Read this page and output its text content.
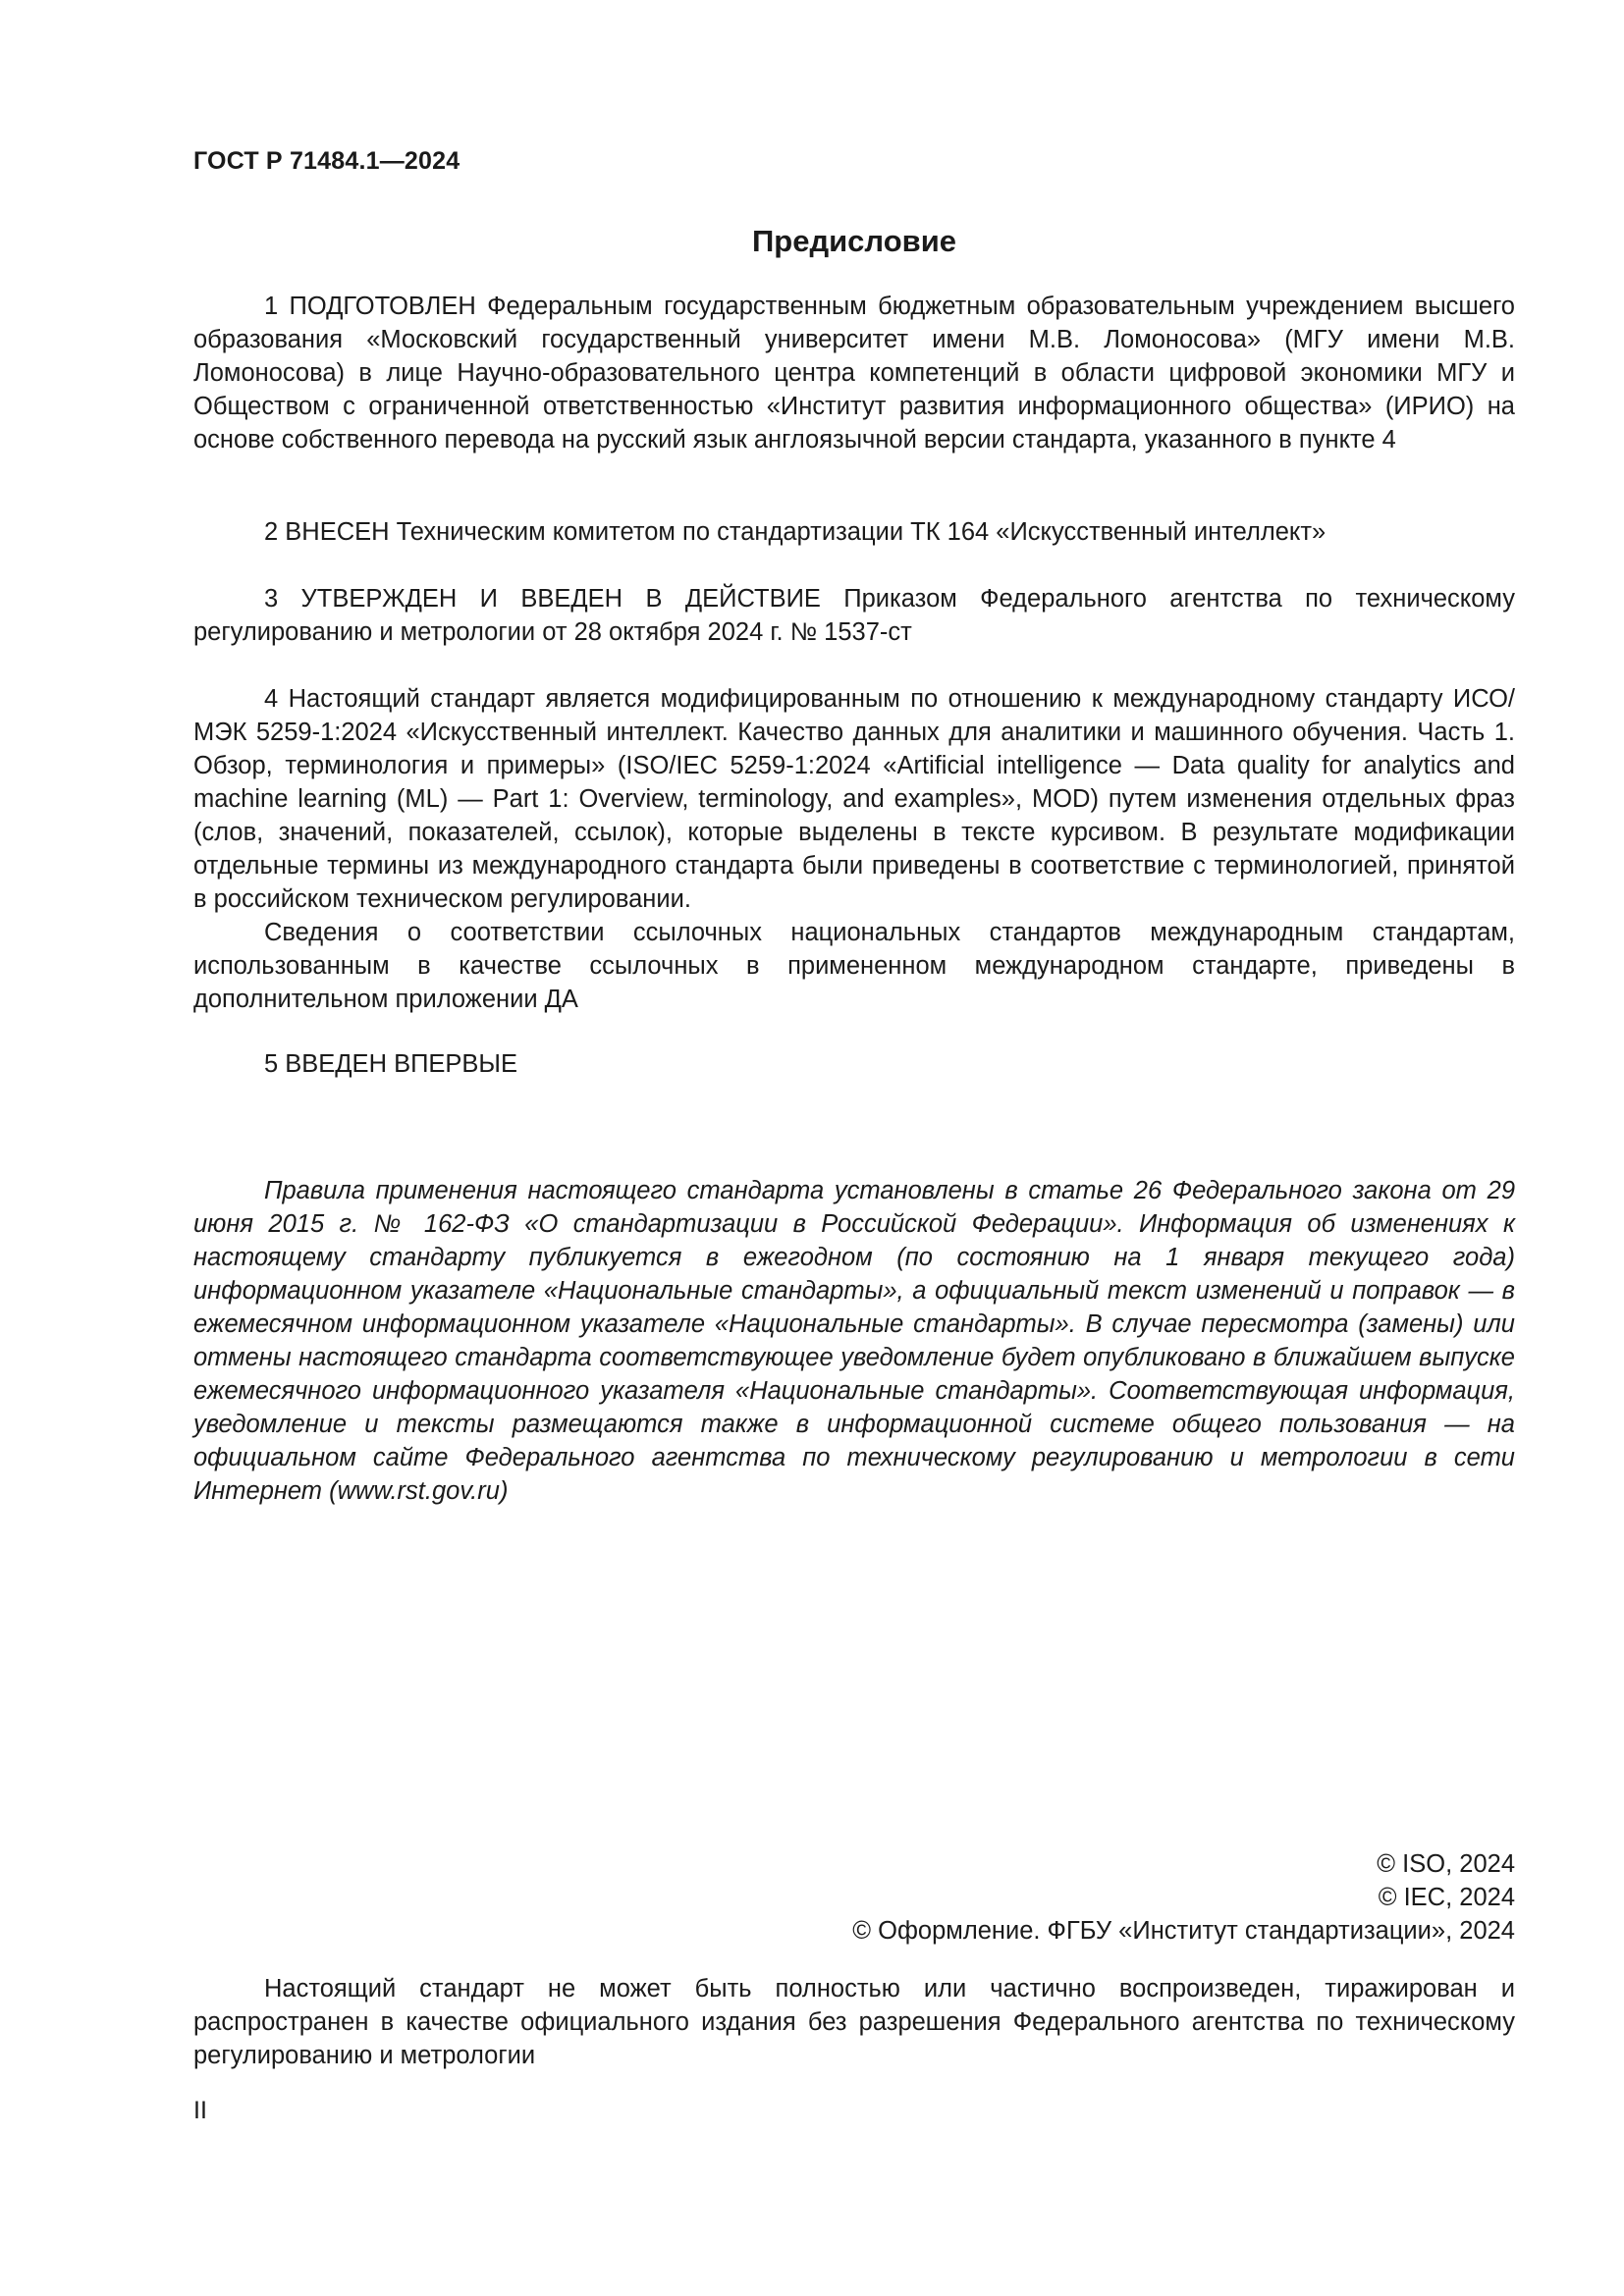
ГОСТ Р 71484.1—2024
Предисловие

1 ПОДГОТОВЛЕН Федеральным государственным бюджетным образовательным учреждением высшего образования «Московский государственный университет имени М.В. Ломоносова» (МГУ имени М.В. Ломоносова) в лице Научно-образовательного центра компетенций в области цифровой экономики МГУ и Обществом с ограниченной ответственностью «Институт развития информационного общества» (ИРИО) на основе собственного перевода на русский язык англоязычной версии стандарта, указанного в пункте 4

2 ВНЕСЕН Техническим комитетом по стандартизации ТК 164 «Искусственный интеллект»

3 УТВЕРЖДЕН И ВВЕДЕН В ДЕЙСТВИЕ Приказом Федерального агентства по техническому регулированию и метрологии от 28 октября 2024 г. № 1537-ст

4 Настоящий стандарт является модифицированным по отношению к международному стандарту ИСО/МЭК 5259-1:2024 «Искусственный интеллект. Качество данных для аналитики и машинного обучения. Часть 1. Обзор, терминология и примеры» (ISO/IEC 5259-1:2024 «Artificial intelligence — Data quality for analytics and machine learning (ML) — Part 1: Overview, terminology, and examples», MOD) путем изменения отдельных фраз (слов, значений, показателей, ссылок), которые выделены в тексте курсивом. В результате модификации отдельные термины из международного стандарта были приведены в соответствие с терминологией, принятой в российском техническом регулировании.

Сведения о соответствии ссылочных национальных стандартов международным стандартам, использованным в качестве ссылочных в примененном международном стандарте, приведены в дополнительном приложении ДА

5 ВВЕДЕН ВПЕРВЫЕ

Правила применения настоящего стандарта установлены в статье 26 Федерального закона от 29 июня 2015 г. № 162-ФЗ «О стандартизации в Российской Федерации». Информация об изменениях к настоящему стандарту публикуется в ежегодном (по состоянию на 1 января текущего года) информационном указателе «Национальные стандарты», а официальный текст изменений и поправок — в ежемесячном информационном указателе «Национальные стандарты». В случае пересмотра (замены) или отмены настоящего стандарта соответствующее уведомление будет опубликовано в ближайшем выпуске ежемесячного информационного указателя «Национальные стандарты». Соответствующая информация, уведомление и тексты размещаются также в информационной системе общего пользования — на официальном сайте Федерального агентства по техническому регулированию и метрологии в сети Интернет (www.rst.gov.ru)

© ISO, 2024
© IEC, 2024
© Оформление. ФГБУ «Институт стандартизации», 2024

Настоящий стандарт не может быть полностью или частично воспроизведен, тиражирован и распространен в качестве официального издания без разрешения Федерального агентства по техническому регулированию и метрологии

II
